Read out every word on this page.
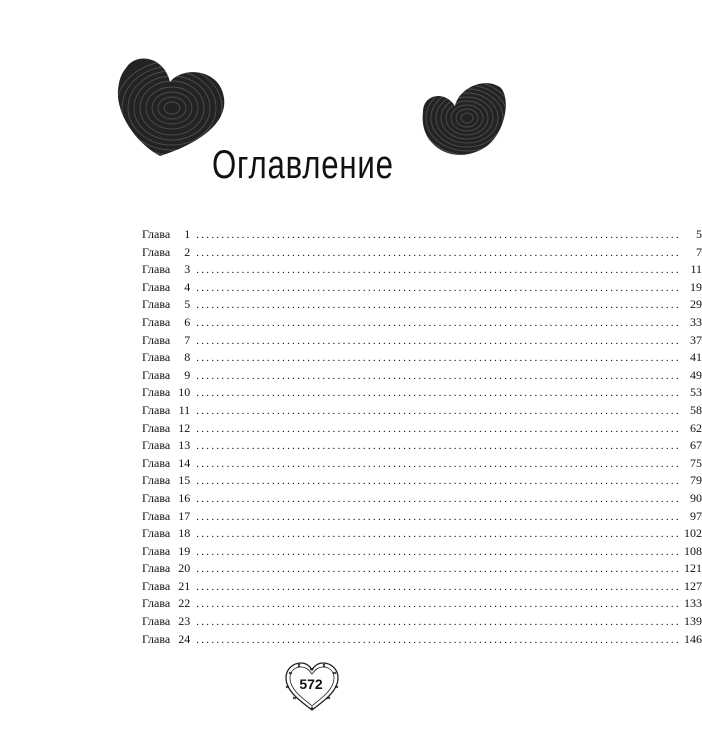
Оглавление
Глава 1 ................................................................................................	5
Глава 2 ................................................................................................	7
Глава 3 ................................................................................................ 11
Глава 4 ................................................................................................ 19
Глава 5 ................................................................................................ 29
Глава 6 ................................................................................................ 33
Глава 7 ................................................................................................ 37
Глава 8 ................................................................................................ 41
Глава 9 ................................................................................................ 49
Глава 10 ................................................................................................ 53
Глава 11 ................................................................................................ 58
Глава 12 ................................................................................................ 62
Глава 13 ................................................................................................ 67
Глава 14 ................................................................................................ 75
Глава 15 ................................................................................................ 79
Глава 16 ................................................................................................ 90
Глава 17 ................................................................................................ 97
Глава 18 ................................................................................................ 102
Глава 19 ................................................................................................ 108
Глава 20 ................................................................................................ 121
Глава 21 ................................................................................................ 127
Глава 22 ................................................................................................ 133
Глава 23 ................................................................................................ 139
Глава 24 ................................................................................................ 146
572
